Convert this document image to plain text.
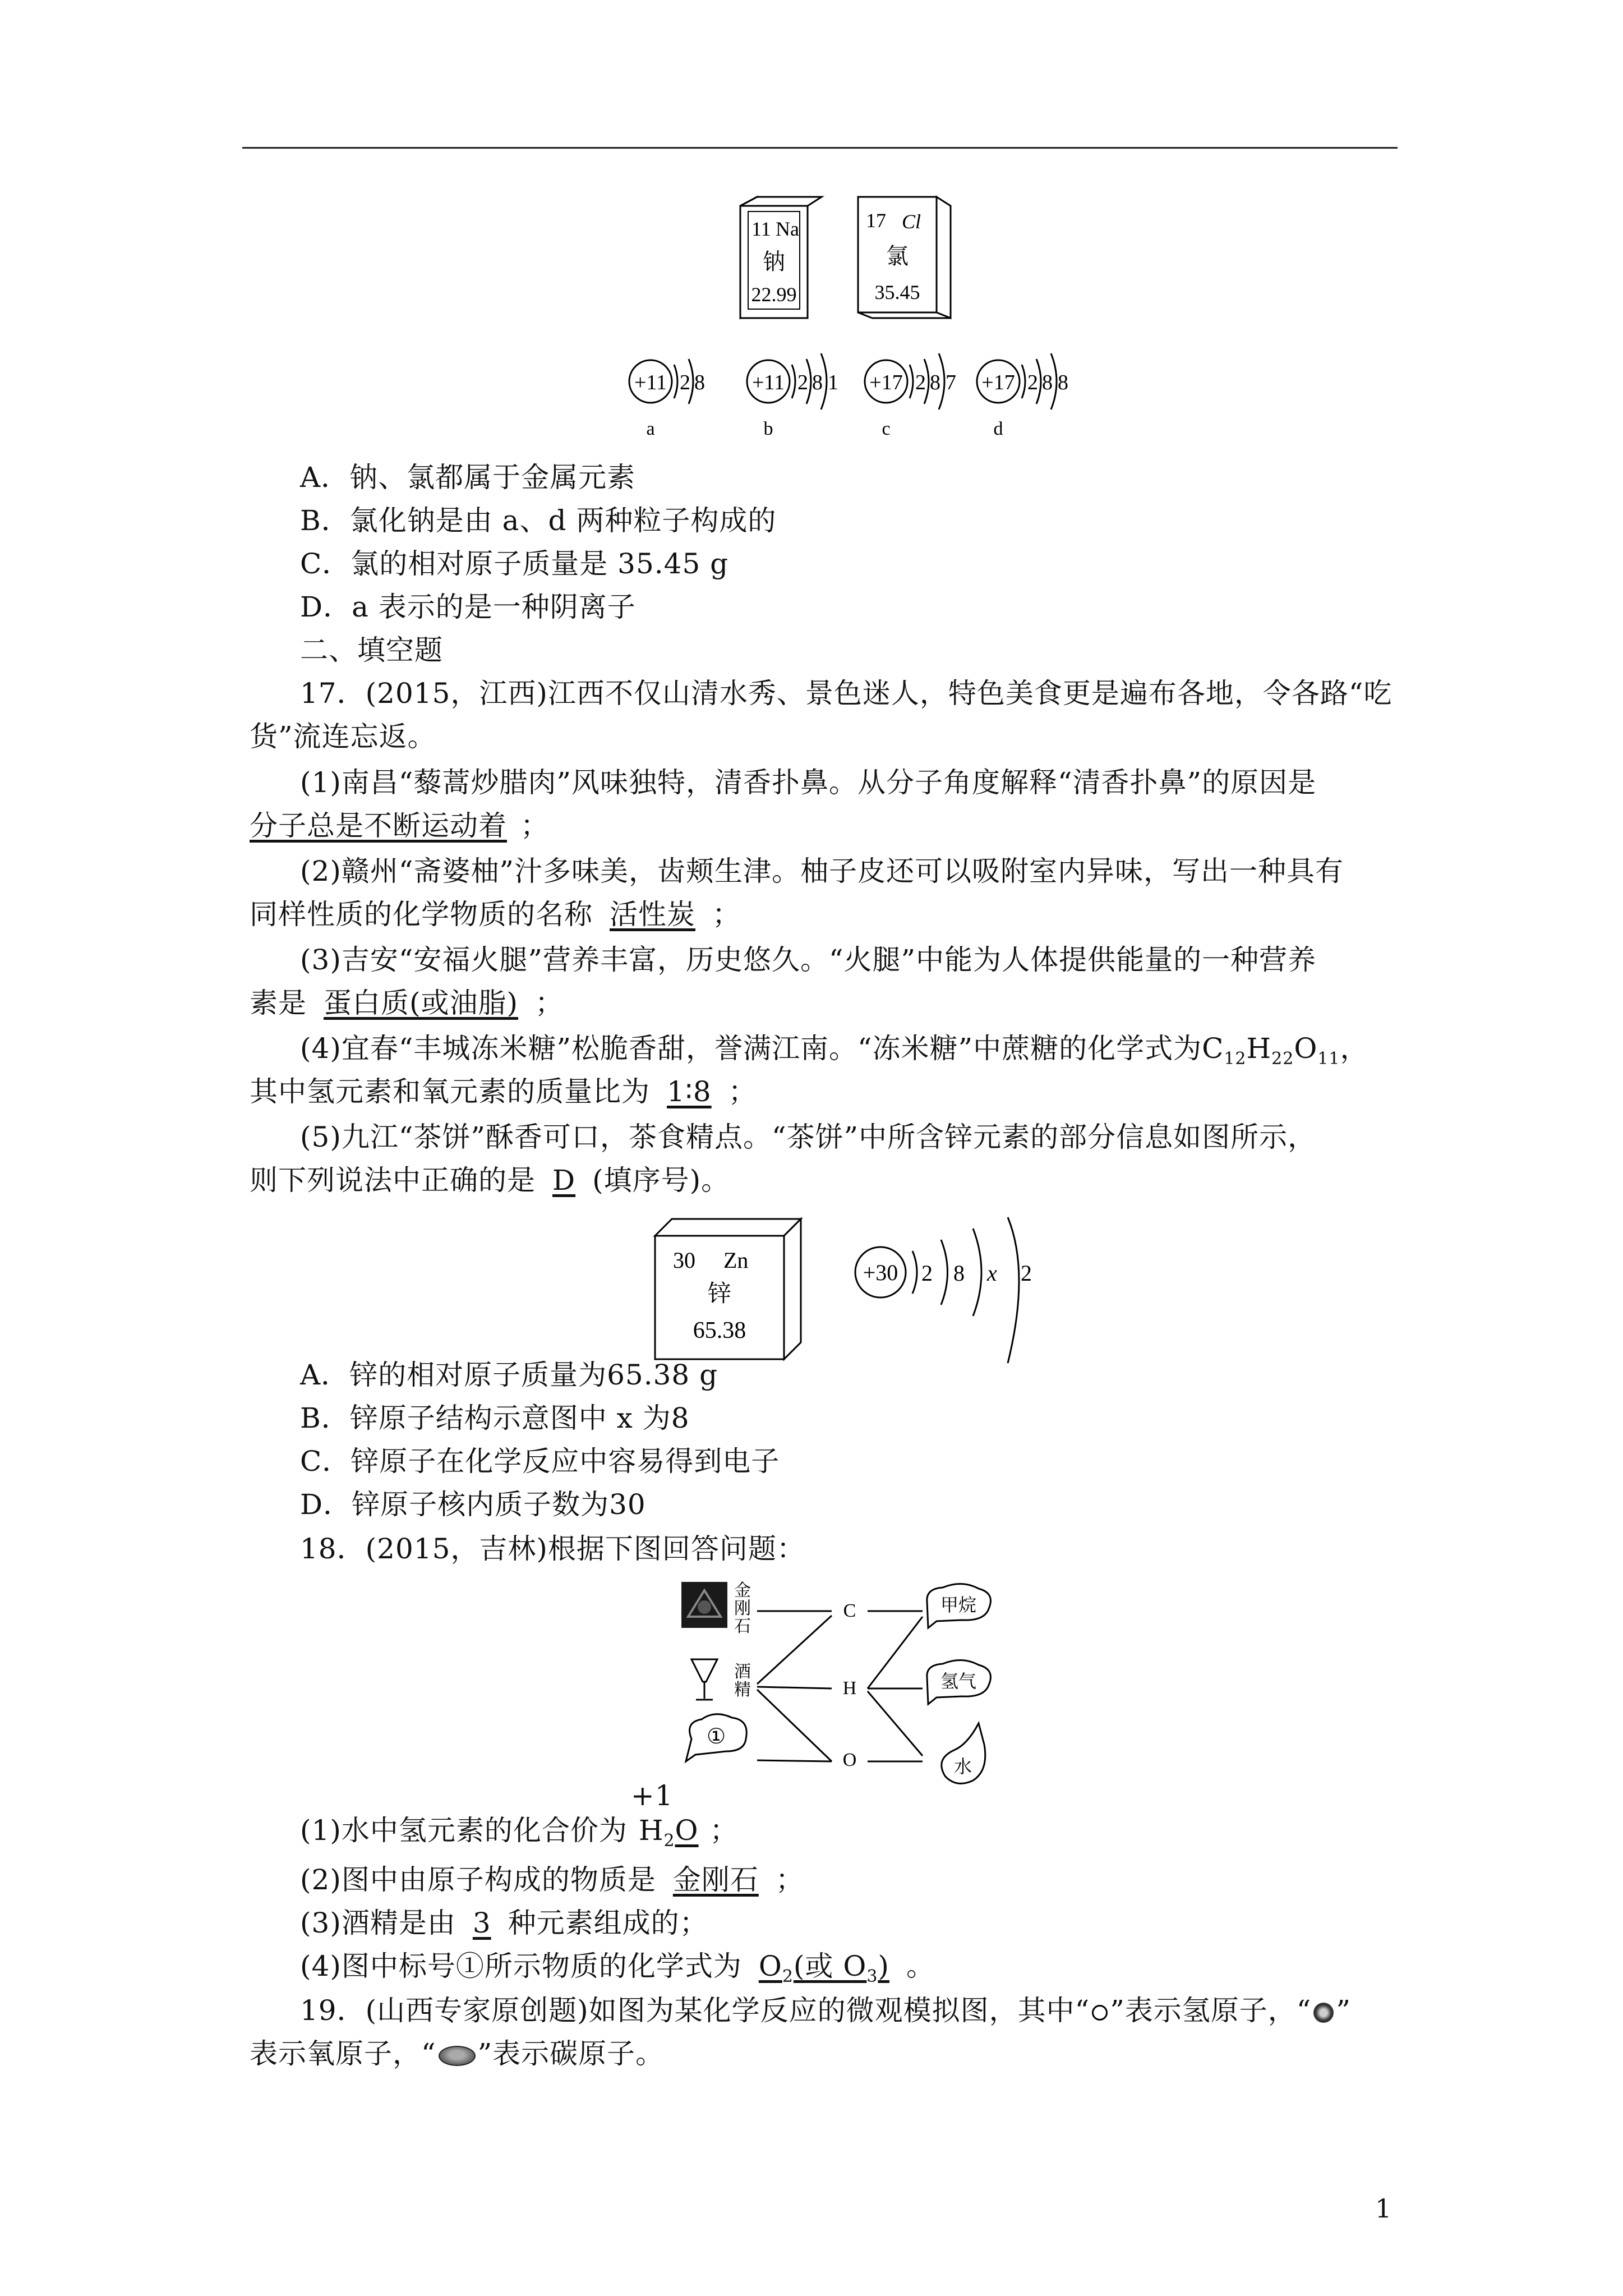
11 Na
钠
22.99
17 Cl
氯
35.45
+11 2 8
a
+11 2 8 1
b
+17 2 8 7
c
+17 2 8 8
d
A．钠、氯都属于金属元素
B．氯化钠是由 a、d 两种粒子构成的
C．氯的相对原子质量是 35.45 g
D．a 表示的是一种阴离子
二、填空题
17．(2015，江西)江西不仅山清水秀、景色迷人，特色美食更是遍布各地，令各路“吃
货”流连忘返。
(1)南昌“藜蒿炒腊肉”风味独特，清香扑鼻。从分子角度解释“清香扑鼻”的原因是
分子总是不断运动着 ；
(2)赣州“斋婆柚”汁多味美，齿颊生津。柚子皮还可以吸附室内异味，写出一种具有
同样性质的化学物质的名称 活性炭 ；
(3)吉安“安福火腿”营养丰富，历史悠久。“火腿”中能为人体提供能量的一种营养
素是 蛋白质(或油脂) ；
(4)宜春“丰城冻米糖”松脆香甜，誉满江南。“冻米糖”中蔗糖的化学式为$C_{12}H_{22}O_{11}$，
其中氢元素和氧元素的质量比为 1∶8 ；
(5)九江“茶饼”酥香可口，茶食精点。“茶饼”中所含锌元素的部分信息如图所示，
则下列说法中正确的是 D (填序号)。
30 Zn
锌
65.38
+30 2 8 x 2
A．锌的相对原子质量为65.38 g
B．锌原子结构示意图中 x 为8
C．锌原子在化学反应中容易得到电子
D．锌原子核内质子数为30
18．(2015，吉林)根据下图回答问题：
金
刚
石
酒
精
①
C
H
O
甲烷
氢气
水
(1)水中氢元素的化合价为
+1
$H_2O$ ；
(2)图中由原子构成的物质是 金刚石 ；
(3)酒精是由 3 种元素组成的；
(4)图中标号①所示物质的化学式为 $O_2$(或 $O_3$) 。
19．(山西专家原创题)如图为某化学反应的微观模拟图，其中“ ”表示氢原子，“ ”
表示氧原子，“ ”表示碳原子。
1
